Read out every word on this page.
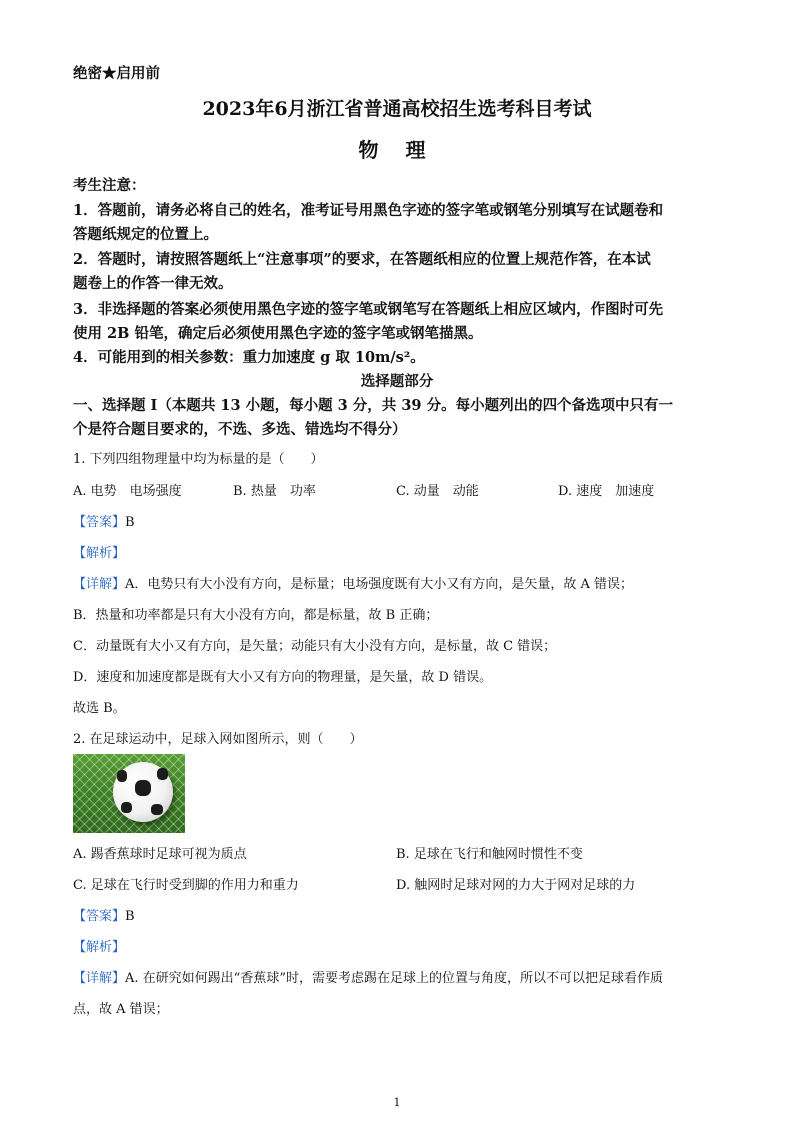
绝密★启用前
2023年6月浙江省普通高校招生选考科目考试
物 理
考生注意：
1．答题前，请务必将自己的姓名，准考证号用黑色字迹的签字笔或钢笔分别填写在试题卷和
答题纸规定的位置上。
2．答题时，请按照答题纸上“注意事项”的要求，在答题纸相应的位置上规范作答，在本试
题卷上的作答一律无效。
3．非选择题的答案必须使用黑色字迹的签字笔或钢笔写在答题纸上相应区域内，作图时可先
使用 2B 铅笔，确定后必须使用黑色字迹的签字笔或钢笔描黑。
4．可能用到的相关参数：重力加速度 g 取 10m/s²。
选择题部分
一、选择题 I（本题共 13 小题，每小题 3 分，共 39 分。每小题列出的四个备选项中只有一
个是符合题目要求的，不选、多选、错选均不得分）
1. 下列四组物理量中均为标量的是（　　）
A. 电势　电场强度	B. 热量　功率	C. 动量　动能	D. 速度　加速度
【答案】B
【解析】
【详解】A．电势只有大小没有方向，是标量；电场强度既有大小又有方向，是矢量，故 A 错误；
B．热量和功率都是只有大小没有方向，都是标量，故 B 正确；
C．动量既有大小又有方向，是矢量；动能只有大小没有方向，是标量，故 C 错误；
D．速度和加速度都是既有大小又有方向的物理量，是矢量，故 D 错误。
故选 B。
2. 在足球运动中，足球入网如图所示，则（　　）
A. 踢香蕉球时足球可视为质点	B. 足球在飞行和触网时惯性不变
C. 足球在飞行时受到脚的作用力和重力	D. 触网时足球对网的力大于网对足球的力
【答案】B
【解析】
【详解】A. 在研究如何踢出“香蕉球”时，需要考虑踢在足球上的位置与角度，所以不可以把足球看作质
点，故 A 错误；
1
